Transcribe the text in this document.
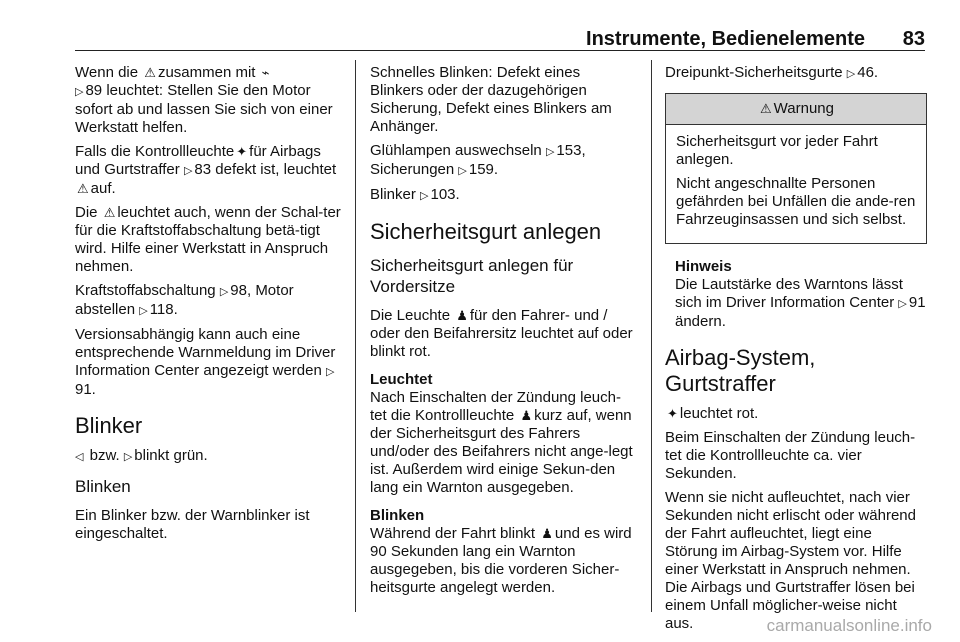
Instrumente, Bedienelemente 83

Wenn die ⚠ zusammen mit ⌁
▷ 89 leuchtet: Stellen Sie den Motor sofort ab und lassen Sie sich von einer Werkstatt helfen.

Falls die Kontrollleuchte ✦ für Airbags und Gurtstraffer ▷ 83 defekt ist, leuchtet ⚠ auf.

Die ⚠ leuchtet auch, wenn der Schal-ter für die Kraftstoffabschaltung betä-tigt wird. Hilfe einer Werkstatt in Anspruch nehmen.

Kraftstoffabschaltung ▷ 98, Motor abstellen ▷ 118.

Versionsabhängig kann auch eine entsprechende Warnmeldung im Driver Information Center angezeigt werden ▷91.

Blinker

◁ bzw. ▷ blinkt grün.

Blinken

Ein Blinker bzw. der Warnblinker ist eingeschaltet.

Schnelles Blinken: Defekt eines Blinkers oder der dazugehörigen Sicherung, Defekt eines Blinkers am Anhänger.

Glühlampen auswechseln ▷ 153, Sicherungen ▷ 159.

Blinker ▷ 103.

Sicherheitsgurt anlegen
Sicherheitsgurt anlegen für Vordersitze

Die Leuchte ♟ für den Fahrer- und / oder den Beifahrersitz leuchtet auf oder blinkt rot.

Leuchtet

Nach Einschalten der Zündung leuch-tet die Kontrollleuchte ♟ kurz auf, wenn der Sicherheitsgurt des Fahrers und/oder des Beifahrers nicht ange-legt ist. Außerdem wird einige Sekun-den lang ein Warnton ausgegeben.

Blinken

Während der Fahrt blinkt ♟ und es wird 90 Sekunden lang ein Warnton ausgegeben, bis die vorderen Sicher-heitsgurte angelegt werden.

Dreipunkt-Sicherheitsgurte ▷ 46.

⚠ Warnung

Sicherheitsgurt vor jeder Fahrt anlegen.

Nicht angeschnallte Personen gefährden bei Unfällen die ande-ren Fahrzeuginsassen und sich selbst.

Hinweis
Die Lautstärke des Warntons lässt sich im Driver Information Center ▷ 91 ändern.
Airbag-System, Gurtstraffer

✦ leuchtet rot.

Beim Einschalten der Zündung leuch-tet die Kontrollleuchte ca. vier Sekunden.

Wenn sie nicht aufleuchtet, nach vier Sekunden nicht erlischt oder während der Fahrt aufleuchtet, liegt eine Störung im Airbag-System vor. Hilfe einer Werkstatt in Anspruch nehmen. Die Airbags und Gurtstraffer lösen bei einem Unfall möglicher-weise nicht aus.	carmanualsonline.info
